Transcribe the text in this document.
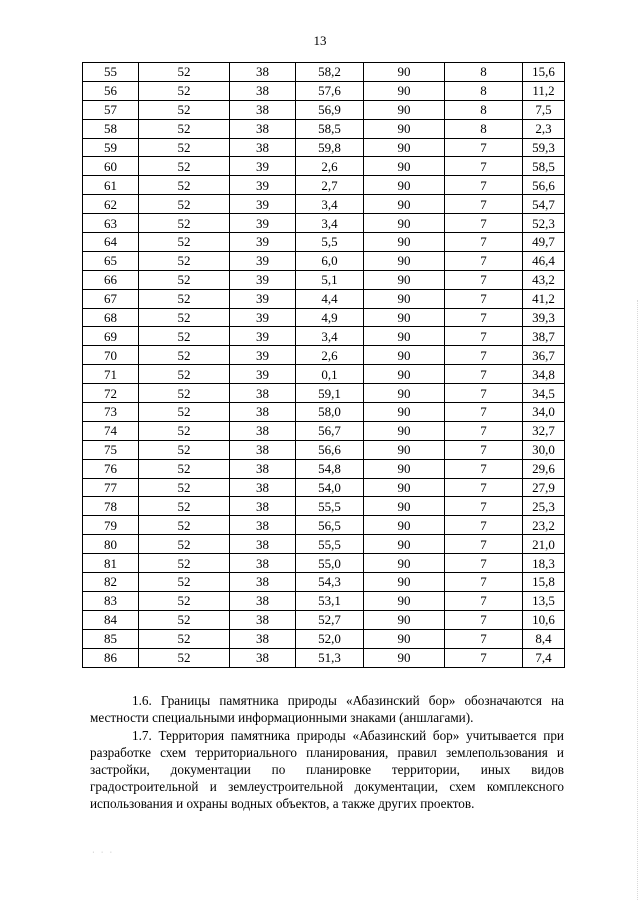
13
55	52	38	58,2	90	8	15,6
56	52	38	57,6	90	8	11,2
57	52	38	56,9	90	8	7,5
58	52	38	58,5	90	8	2,3
59	52	38	59,8	90	7	59,3
60	52	39	2,6	90	7	58,5
61	52	39	2,7	90	7	56,6
62	52	39	3,4	90	7	54,7
63	52	39	3,4	90	7	52,3
64	52	39	5,5	90	7	49,7
65	52	39	6,0	90	7	46,4
66	52	39	5,1	90	7	43,2
67	52	39	4,4	90	7	41,2
68	52	39	4,9	90	7	39,3
69	52	39	3,4	90	7	38,7
70	52	39	2,6	90	7	36,7
71	52	39	0,1	90	7	34,8
72	52	38	59,1	90	7	34,5
73	52	38	58,0	90	7	34,0
74	52	38	56,7	90	7	32,7
75	52	38	56,6	90	7	30,0
76	52	38	54,8	90	7	29,6
77	52	38	54,0	90	7	27,9
78	52	38	55,5	90	7	25,3
79	52	38	56,5	90	7	23,2
80	52	38	55,5	90	7	21,0
81	52	38	55,0	90	7	18,3
82	52	38	54,3	90	7	15,8
83	52	38	53,1	90	7	13,5
84	52	38	52,7	90	7	10,6
85	52	38	52,0	90	7	8,4
86	52	38	51,3	90	7	7,4
1.6. Границы памятника природы «Абазинский бор» обозначаются на местности специальными информационными знаками (аншлагами).
1.7. Территория памятника природы «Абазинский бор» учитывается при разработке схем территориального планирования, правил землепользования и застройки, документации по планировке территории, иных видов градостроительной и землеустроительной документации, схем комплексного использования и охраны водных объектов, а также других проектов.
⋅ ⋅ ⋅
